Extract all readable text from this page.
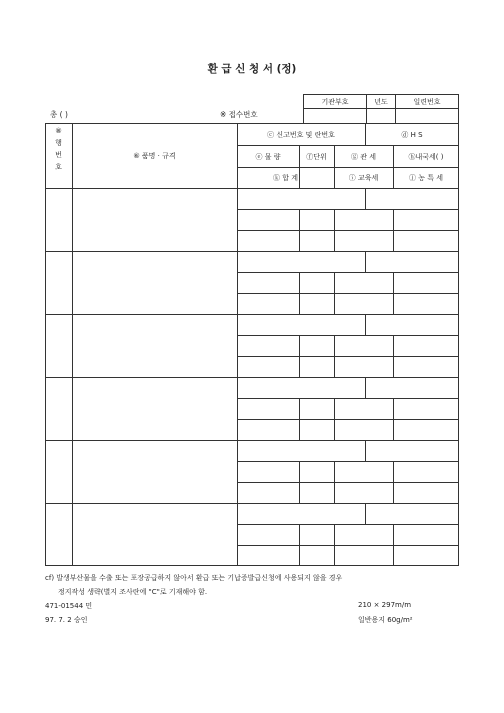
환 급 신 청 서 (정)
기관부호	년도	일련번호
총 ( )	※ 접수번호
⑧
행
번
호
⑥ 품명 · 규격
ⓒ 신고번호 및 란번호	ⓓ H S
ⓔ 물 량	ⓕ단위	ⓖ 관 세	ⓗ내국세( )
ⓚ 합 계	ⓘ 교육세	ⓙ 농 특 세
cf) 발생부산물을 수출 또는 포장공급하지 않아서 환급 또는 기납증발급신청에 사용되지 않을 경우
정지작성 생략(별지 조사란에 "C"로 기재해야 함.
471-01544 민	210 × 297m/m
97. 7. 2 승인	일반용지 60g/m²
